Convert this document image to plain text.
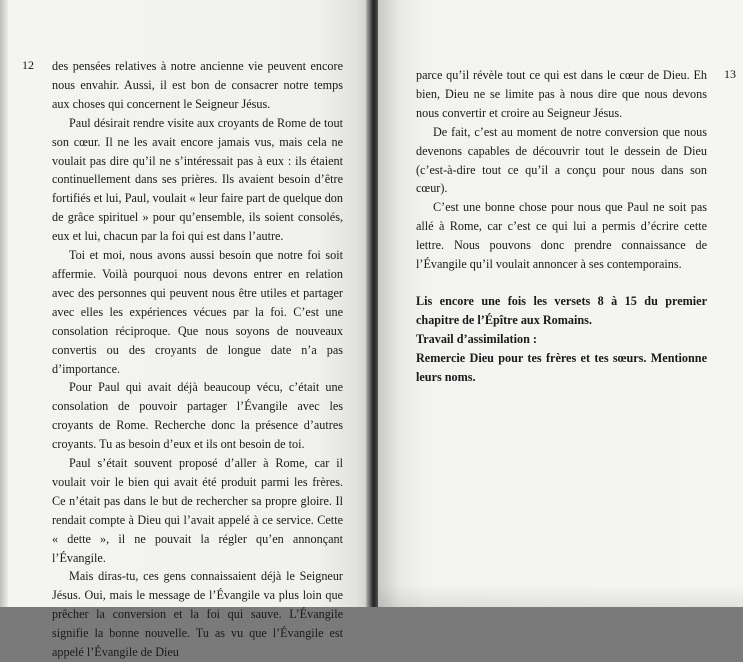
12
13

des pensées relatives à notre ancienne vie peuvent encore nous envahir. Aussi, il est bon de consacrer notre temps aux choses qui concernent le Seigneur Jésus.

Paul désirait rendre visite aux croyants de Rome de tout son cœur. Il ne les avait encore jamais vus, mais cela ne voulait pas dire qu’il ne s’intéressait pas à eux : ils étaient continuellement dans ses prières. Ils avaient besoin d’être fortifiés et lui, Paul, voulait « leur faire part de quelque don de grâce spirituel » pour qu’ensemble, ils soient consolés, eux et lui, chacun par la foi qui est dans l’autre.

Toi et moi, nous avons aussi besoin que notre foi soit affermie. Voilà pourquoi nous devons entrer en relation avec des personnes qui peuvent nous être utiles et partager avec elles les expériences vécues par la foi. C’est une consolation réciproque. Que nous soyons de nouveaux convertis ou des croyants de longue date n’a pas d’importance.

Pour Paul qui avait déjà beaucoup vécu, c’était une consolation de pouvoir partager l’Évangile avec les croyants de Rome. Recherche donc la présence d’autres croyants. Tu as besoin d’eux et ils ont besoin de toi.

Paul s’était souvent proposé d’aller à Rome, car il voulait voir le bien qui avait été produit parmi les frères. Ce n’était pas dans le but de rechercher sa propre gloire. Il rendait compte à Dieu qui l’avait appelé à ce service. Cette « dette », il ne pouvait la régler qu’en annonçant l’Évangile.

Mais diras-tu, ces gens connaissaient déjà le Seigneur Jésus. Oui, mais le message de l’Évangile va plus loin que prêcher la conversion et la foi qui sauve. L’Évangile signifie la bonne nouvelle. Tu as vu que l’Évangile est appelé l’Évangile de Dieu

parce qu’il révèle tout ce qui est dans le cœur de Dieu. Eh bien, Dieu ne se limite pas à nous dire que nous devons nous convertir et croire au Seigneur Jésus.

De fait, c’est au moment de notre conversion que nous devenons capables de découvrir tout le dessein de Dieu (c’est-à-dire tout ce qu’il a conçu pour nous dans son cœur).

C’est une bonne chose pour nous que Paul ne soit pas allé à Rome, car c’est ce qui lui a permis d’écrire cette lettre. Nous pouvons donc prendre connaissance de l’Évangile qu’il voulait annoncer à ses contemporains.

Lis encore une fois les versets 8 à 15 du premier chapitre de l’Épître aux Romains.

Travail d’assimilation :

Remercie Dieu pour tes frères et tes sœurs. Mentionne leurs noms.
